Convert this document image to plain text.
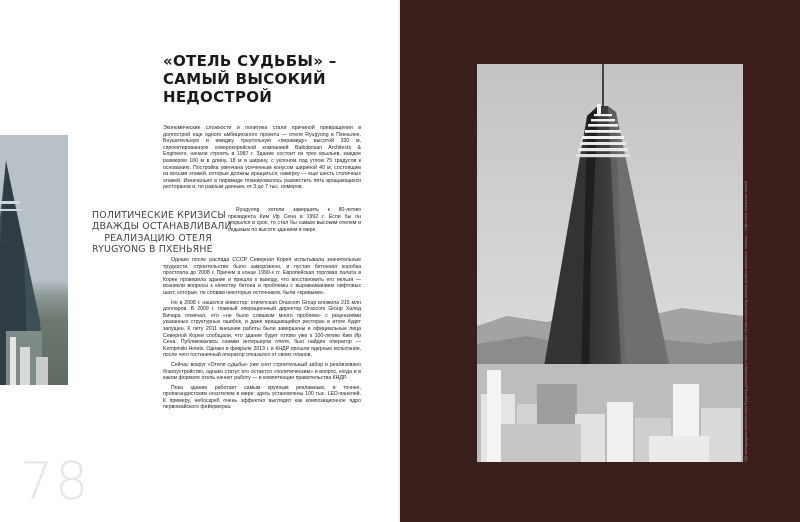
«ОТЕЛЬ СУДЬБЫ» –
САМЫЙ ВЫСОКИЙ
НЕДОСТРОЙ

Экономические сложности и политика стали причиной превращения в долгострой еще одного амбициозного проекта — отеля Ryugyong в Пхеньяне. Внушительную и имиджу треугольную «пирамиду» высотой 330 м, спроектированную северокорейской компанией Baikdoosan Architects & Engineers, начали строить в 1987 г. Здание состоит из трех крыльев, каждое размером 100 м в длину, 18 м в ширину, с уклоном под углом 75 градусов к основанию. Постройка увенчана усеченным конусом шириной 40 м, состоящим из восьми этажей, которые должны вращаться, наверху — еще шесть статичных этажей. Изначально в пирамиде планировалось разместить пять вращающихся ресторанов и, по разным данным, от 3 до 7 тыс. номеров.

ПОЛИТИЧЕСКИЕ КРИЗИСЫ
ДВАЖДЫ ОСТАНАВЛИВАЛИ
РЕАЛИЗАЦИЮ ОТЕЛЯ
RYUGYONG В ПХЕНЬЯНЕ

Ryugyong хотели завершить к 80-летию президента Ким Ир Сена в 1992 г. Если бы он открылся в срок, то стал бы самым высоким отелем и седьмым по высоте зданием в мире.

Однако после распада СССР Северная Корея испытывала значительные трудности, строительство было заморожено, и пустая бетонная коробка простояла до 2008 г. Причем в конце 1990-х гг. Европейская торговая палата в Корее проверила здание и пришла к выводу, что восстановить его нельзя — возникли вопросы к качеству бетона и проблемы с выравниванием лифтовых шахт, которые, по словам некоторых источников, были «кривыми».

Но в 2008 г. нашелся инвестор: египетская Orascom Group вложила 215 млн долларов. В 2009 г. главный операционный директор Orascom Group Халед Бичара отмечал, что «не было слишком много проблем» с рецензиями указанных структурных ошибок, и даже вращающийся ресторан в итоге будет запущен. К лету 2011 внешние работы были завершены и официальные лица Северной Кореи сообщали, что здание будет готово уже к 100-летию Ким Ир Сена. Публиковались снимки интерьеров отеля, был найден оператор — Kempinski Hotels. Однако в феврале 2013 г. в КНДР прошли ядерные испытания, после чего гостиничный оператор отказался от своих планов.

Сейчас вокруг «Отеля судьбы» уже снят строительный забор и реализовано благоустройство, однако статус его остается «политическим» и вопрос, когда и в каком формате отель начнет работу — в компетенции правительства КНДР.

Пока здание работает самым крупным рекламным, в точнее, пропагандистским носителем в мире: здесь установлены 100 тыс. LED-панелей. К примеру, небоскреб очень эффектно выглядит как композиционное ядро первомайского фейерверка.

78
